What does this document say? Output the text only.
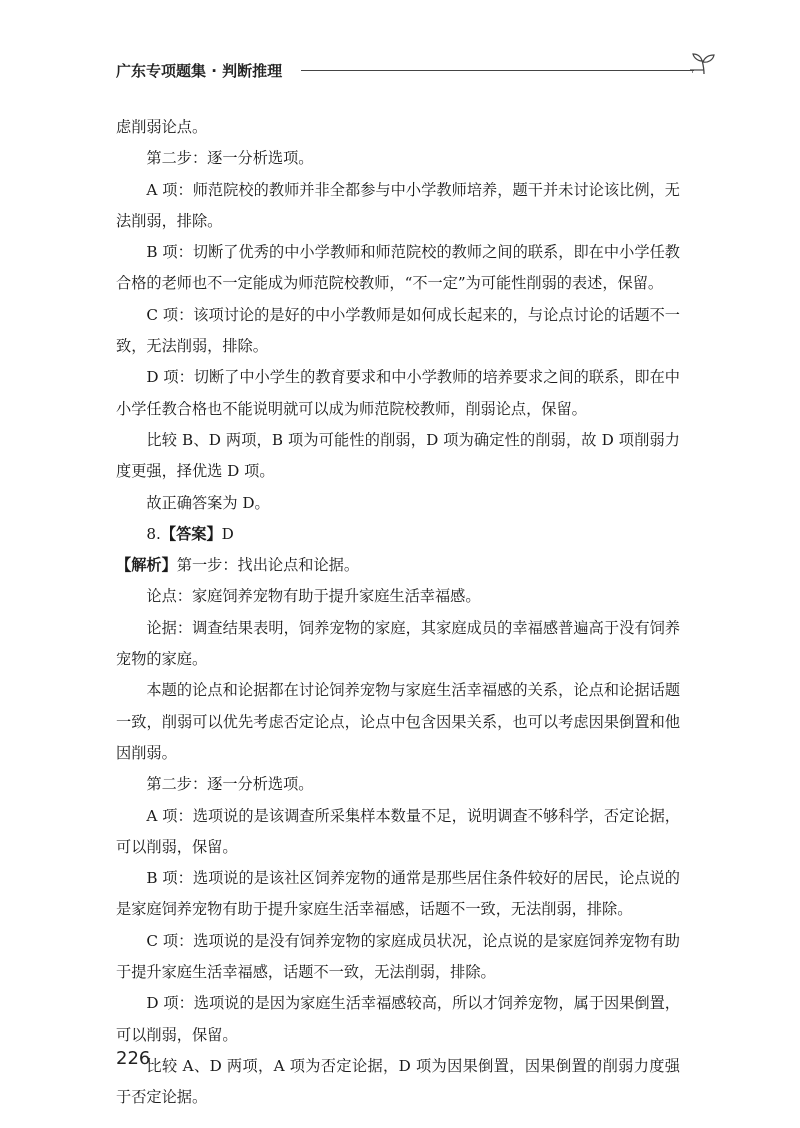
广东专项题集 · 判断推理

虑削弱论点。

第二步：逐一分析选项。

A 项：师范院校的教师并非全都参与中小学教师培养，题干并未讨论该比例，无法削弱，排除。

B 项：切断了优秀的中小学教师和师范院校的教师之间的联系，即在中小学任教合格的老师也不一定能成为师范院校教师，“不一定”为可能性削弱的表述，保留。

C 项：该项讨论的是好的中小学教师是如何成长起来的，与论点讨论的话题不一致，无法削弱，排除。

D 项：切断了中小学生的教育要求和中小学教师的培养要求之间的联系，即在中小学任教合格也不能说明就可以成为师范院校教师，削弱论点，保留。

比较 B、D 两项，B 项为可能性的削弱，D 项为确定性的削弱，故 D 项削弱力度更强，择优选 D 项。

故正确答案为 D。

8.【答案】D

【解析】第一步：找出论点和论据。

论点：家庭饲养宠物有助于提升家庭生活幸福感。

论据：调查结果表明，饲养宠物的家庭，其家庭成员的幸福感普遍高于没有饲养宠物的家庭。

本题的论点和论据都在讨论饲养宠物与家庭生活幸福感的关系，论点和论据话题一致，削弱可以优先考虑否定论点，论点中包含因果关系，也可以考虑因果倒置和他因削弱。

第二步：逐一分析选项。

A 项：选项说的是该调查所采集样本数量不足，说明调查不够科学，否定论据，可以削弱，保留。

B 项：选项说的是该社区饲养宠物的通常是那些居住条件较好的居民，论点说的是家庭饲养宠物有助于提升家庭生活幸福感，话题不一致，无法削弱，排除。

C 项：选项说的是没有饲养宠物的家庭成员状况，论点说的是家庭饲养宠物有助于提升家庭生活幸福感，话题不一致，无法削弱，排除。

D 项：选项说的是因为家庭生活幸福感较高，所以才饲养宠物，属于因果倒置，可以削弱，保留。

比较 A、D 两项，A 项为否定论据，D 项为因果倒置，因果倒置的削弱力度强于否定论据。

226
